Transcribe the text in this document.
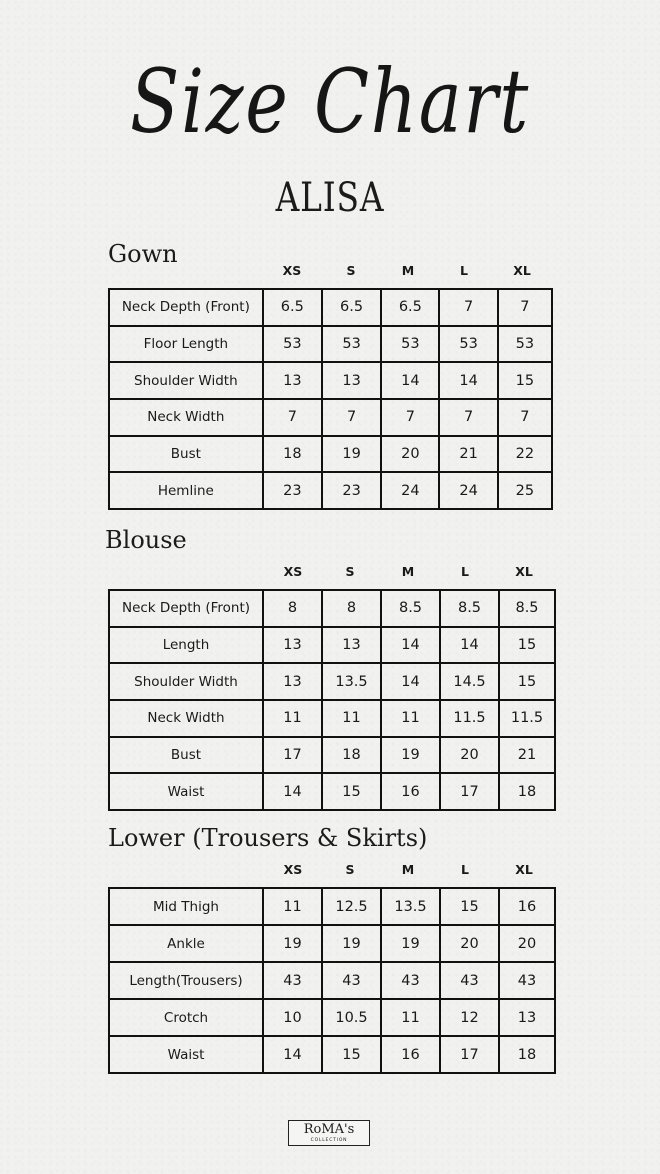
Size Chart
ALISA
Gown
XS	S	M	L	XL
Neck Depth (Front)	6.5	6.5	6.5	7	7
Floor Length	53	53	53	53	53
Shoulder Width	13	13	14	14	15
Neck Width	7	7	7	7	7
Bust	18	19	20	21	22
Hemline	23	23	24	24	25
Blouse
XS	S	M	L	XL
Neck Depth (Front)	8	8	8.5	8.5	8.5
Length	13	13	14	14	15
Shoulder Width	13	13.5	14	14.5	15
Neck Width	11	11	11	11.5	11.5
Bust	17	18	19	20	21
Waist	14	15	16	17	18
Lower (Trousers & Skirts)
XS	S	M	L	XL
Mid Thigh	11	12.5	13.5	15	16
Ankle	19	19	19	20	20
Length(Trousers)	43	43	43	43	43
Crotch	10	10.5	11	12	13
Waist	14	15	16	17	18
RoMA's
COLLECTION
